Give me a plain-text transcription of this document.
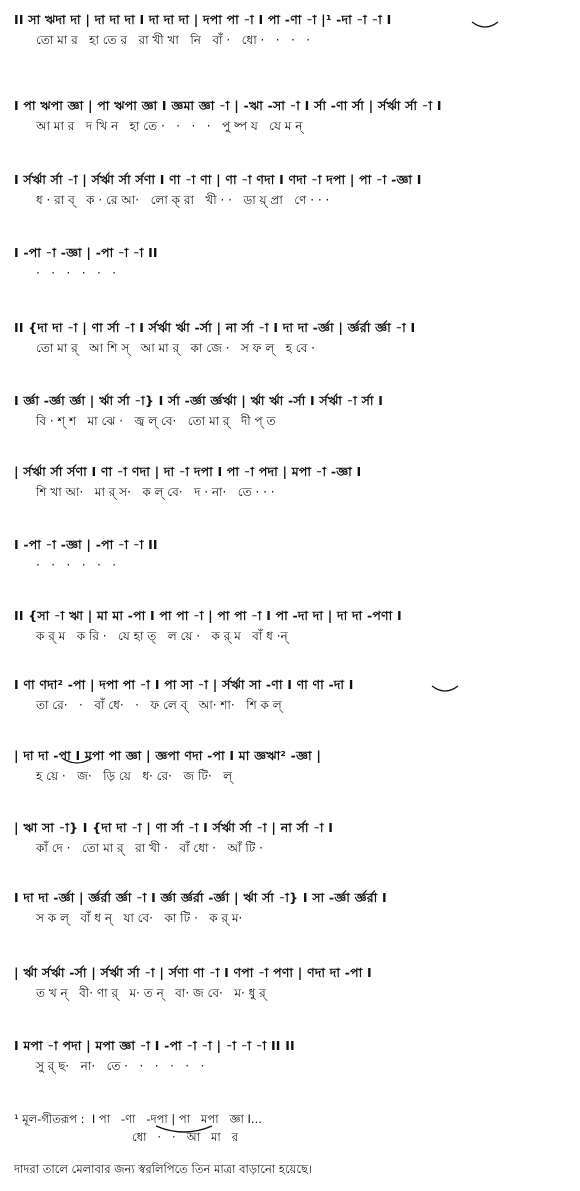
II সা ঋদা দা | দা দা দা I দা দা দা | দপা পা -া I পা -ণা -া |¹ -দা -া -া I
তো মা র   হা তে র   রা খী খা   নি   বাঁ ·   ধো ·   ·   ·   ·
I পা ঋপা জ্ঞা | পা ঋপা জ্ঞা I জ্ঞমা জ্ঞা -া | -ঋা -সা -া I র্সা -ণা র্সা | র্সর্ঋা র্সা -া I
আ মা র   দ খি ন   হা তে ·   ·   ·   ·   পু ষ্প য   যে ম ন্
I র্সর্ঋা র্সা -া | র্সর্ঋা র্সা র্সণা I ণা -া ণা | ণা -া ণদা I ণদা -া দপা | পা -া -জ্ঞা I
ধ · রা ব্   ক · রে আ·   লো ক্ রা   খী · ·   ডা য়্ প্রা   ণে · · ·
I -পা -া -জ্ঞা | -পা -া -া II
·   ·   ·   ·   ·   ·
II {দা দা -া | ণা র্সা -া I র্সর্ঋা র্ঋা -র্সা | না র্সা -া I দা দা -র্জ্ঞা | র্জ্ঞর্রা র্জ্ঞা -া I
তো মা র্   আ শি স্   আ মা র্   কা জে ·   স ফ ল্   হ বে ·
I র্জ্ঞা -র্জ্ঞা র্জ্ঞা | র্ঋা র্সা -া} I র্সা -র্জ্ঞা র্জ্ঞর্ঋা | র্ঋা র্ঋা -র্সা I র্সর্ঋা -া র্সা I
বি · শ্ শ   মা ঝে ·   জ্ব ল্ বে·   তো মা র্   দী প্ ত
| র্সর্ঋা র্সা র্সণা I ণা -া ণদা | দা -া দপা I পা -া পদা | মপা -া -জ্ঞা I
শি খা আ·   মা র্ স·   ক ল্ বে·   দ · না·   তে · · ·
I -পা -া -জ্ঞা | -পা -া -া II
·   ·   ·   ·   ·   ·
II {সা -া ঋা | মা মা -পা I পা পা -া | পা পা -া I পা -দা দা | দা দা -পণা I
ক র্ ম   ক রি ·   যে হা ত্   ল য়ে ·   ক র্ ম   বাঁ ধ ·ন্
I ণা ণদা² -পা | দপা পা -া I পা সা -া | র্সর্ঋা সা -ণা I ণা ণা -দা I
তা রে·   ·   বাঁ ধে·   ·   ফ লে ব্   আ· শা·   শি ক ল্
| দা দা -পা I মপা পা জ্ঞা | জ্ঞপা ণদা -পা I মা জ্ঞঋা² -জ্ঞা |
হ য়ে ·   জ·   ড়ি য়ে   ধ· রে·   জ টি·   ল্
| ঋা সা -া} I {দা দা -া | ণা র্সা -া I র্সর্ঋা র্সা -া | না র্সা -া I
কাঁ দে ·   তো মা র্   রা খী ·   বাঁ ধো ·   আঁ টি ·
I দা দা -র্জ্ঞা | র্জ্ঞর্রা র্জ্ঞা -া I র্জ্ঞা র্জ্ঞর্রা -র্জ্ঞা | র্ঋা র্সা -া} I সা -র্জ্ঞা র্জ্ঞর্রা I
স ক ল্   বাঁ ধ ন্   যা বে·   কা টি ·   ক র্ ম·
| র্ঋা র্সর্ঋা -র্সা | র্সর্ঋা র্সা -া | র্সণা ণা -া I ণপা -া পণা | ণদা দা -পা I
ত খ ন্   বী· ণা র্   ম· ত ন্   বা· জ বে·   ম· ধু র্
I মপা -া পদা | মপা জ্ঞা -া I -পা -া -া | -া -া -া II II
সু র্ ছ·   না·   তে ·   ·   ·   ·   ·   ·
¹ মূল-গীতরূপ : I পা   -ণা   -দপা | পা   মপা   জ্ঞা I...
ধো   ·   ·   আ   মা   র
দাদরা তালে মেলাবার জন্য স্বরলিপিতে তিন মাত্রা বাড়ানো হয়েছে।
